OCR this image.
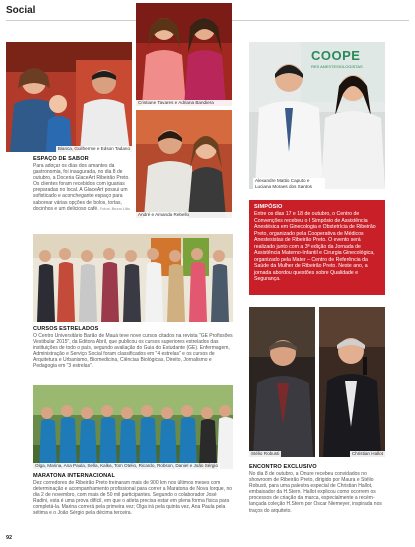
Social
Bianca, Guilherme e Edson Tadano
Cristiane Tavares e Adriana Bandiera
André e Amanda Rebello
COOPE
RES ANESTESIOLOGISTAS
Alexandre Mattio Caputo e Luciana Moraes dos Santos
ESPAÇO DE SABOR
Para adoçar os dias dos amantes da gastronomia, foi inaugurada, no dia 8 de outubro, a Doceria GlaceArt Ribeirão Preto. Os clientes foram recebidos com iguarias preparadas no local. A GlaceArt possui um sofisticado e aconchegante espaço para saborear várias opções de bolos, tortas, docinhos e um delicioso café. Fotos: Bruno Lião	SIMPÓSIO
Entre os dias 17 e 18 de outubro, o Centro de Convenções recebeu o I Simpósio de Assistência Anestésica em Ginecologia e Obstetrícia de Ribeirão Preto, organizado pela Cooperativa de Médicos Anestesistas de Ribeirão Preto. O evento será realizado junto com a 3ª edição da Jornada de Assistência Materno-Infantil e Cirurgia Ginecológica, organizado pela Mater – Centro de Referência da Saúde da Mulher de Ribeirão Preto. Neste ano, a jornada abordou questões sobre Qualidade e Segurança.
CURSOS ESTRELADOS
O Centro Universitário Barão de Mauá teve nove cursos citados na revista "GE Profissões Vestibular 2015", da Editora Abril, que publicou os cursos superiores estrelados das instituições de todo o país, segundo avaliação do Guia do Estudante (GE). Enfermagem, Administração e Serviço Social foram classificados em "4 estrelas" e os cursos de Arquitetura e Urbanismo, Biomedicina, Ciências Biológicas, Direito, Jornalismo e Pedagogia em "3 estrelas".
Olga, Marina, Ana Paula, Sella, Kalka, Tom Otelio, Ricardo, Robson, Daniel e João Sérgio
MARATONA INTERNACIONAL
Dez corredores de Ribeirão Preto treinaram mais de 900 km nos últimos meses com determinação e acompanhamento profissional para correr a Maratona de Nova Iorque, no dia 2 de novembro, com mais de 50 mil participantes. Segundo o colaborador José Radini, esta é uma prova difícil, em que o atleta precisa estar em plena forma física para completá-la. Marina correrá pela primeira vez; Olga irá pela quinta vez, Ana Paula pela sétima e o João Sérgio pela décima terceira.
Stélio Robusti	Christian Hallot
ENCONTRO EXCLUSIVO
No dia 8 de outubro, a Onure recebeu convidados no showroom de Ribeirão Preto, dirigido por Maura e Stélio Robusti, para uma palestra especial de Christian Hallot, embaixador da H.Stern. Hallot explicou como ocorrem os processos de criação da marca, especialmente a recém-lançada coleção H.Stern por Oscar Niemeyer, inspirada nos traços do arquiteto.
92
